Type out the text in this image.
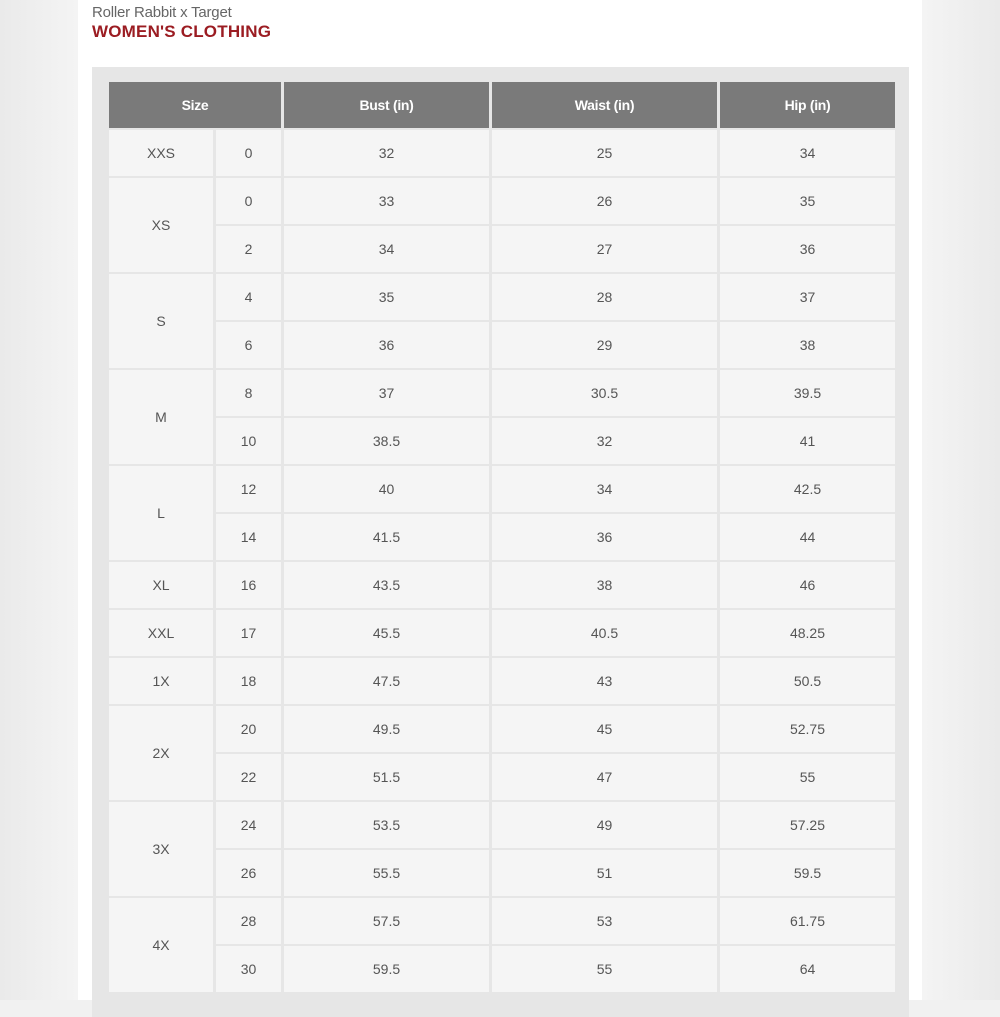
Roller Rabbit x Target
WOMEN'S CLOTHING
Size		Bust (in)	Waist (in)	Hip (in)
XXS	0	32	25	34
XS	0	33	26	35
	2	34	27	36
S	4	35	28	37
	6	36	29	38
M	8	37	30.5	39.5
	10	38.5	32	41
L	12	40	34	42.5
	14	41.5	36	44
XL	16	43.5	38	46
XXL	17	45.5	40.5	48.25
1X	18	47.5	43	50.5
2X	20	49.5	45	52.75
	22	51.5	47	55
3X	24	53.5	49	57.25
	26	55.5	51	59.5
4X	28	57.5	53	61.75
	30	59.5	55	64
